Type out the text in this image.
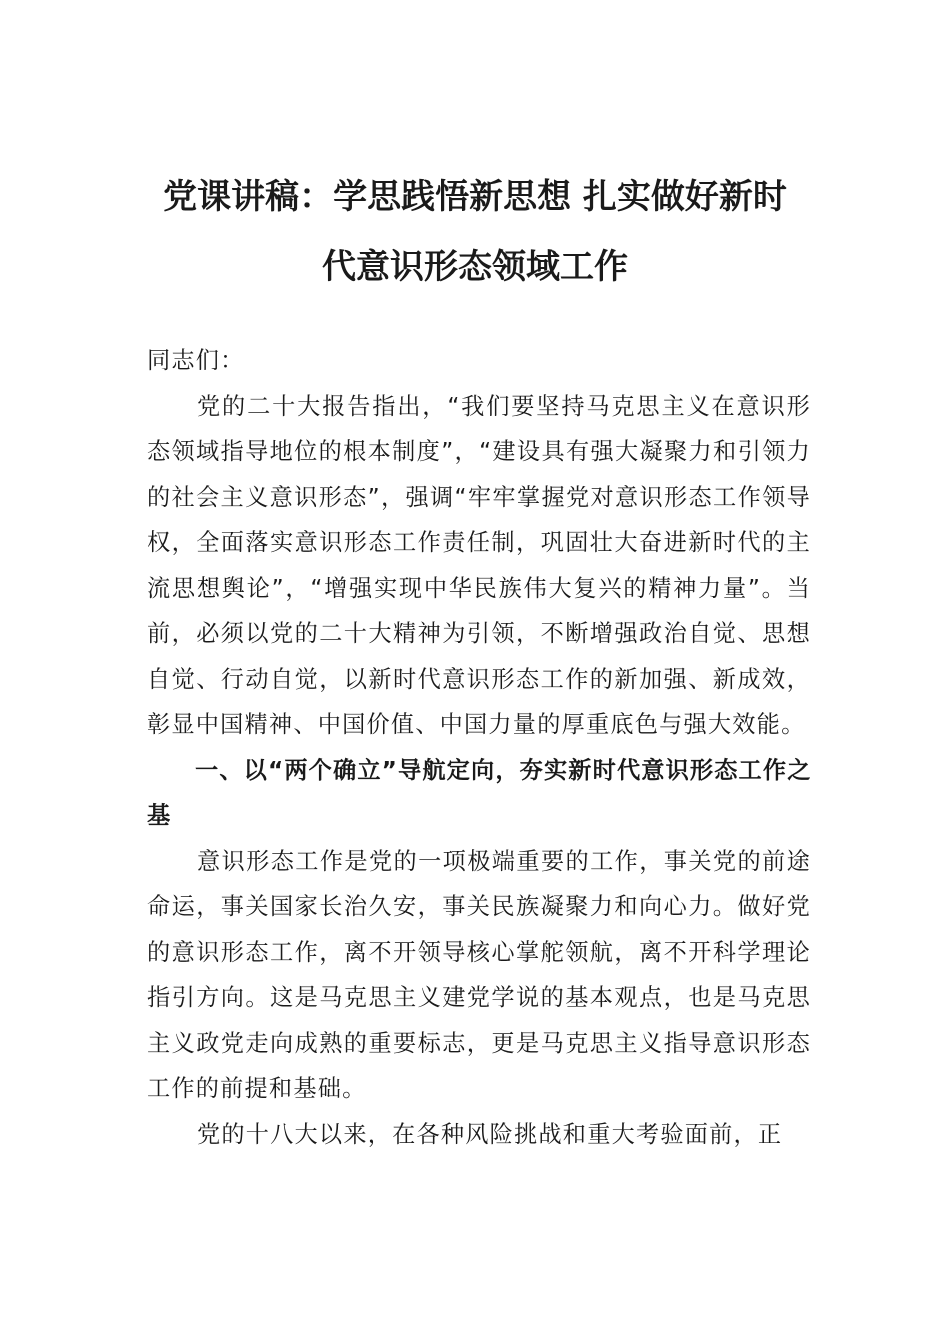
党课讲稿：学思践悟新思想 扎实做好新时
代意识形态领域工作

同志们：

党的二十大报告指出，“我们要坚持马克思主义在意识形态领域指导地位的根本制度”，“建设具有强大凝聚力和引领力的社会主义意识形态”，强调“牢牢掌握党对意识形态工作领导权，全面落实意识形态工作责任制，巩固壮大奋进新时代的主流思想舆论”，“增强实现中华民族伟大复兴的精神力量”。当前，必须以党的二十大精神为引领，不断增强政治自觉、思想自觉、行动自觉，以新时代意识形态工作的新加强、新成效，彰显中国精神、中国价值、中国力量的厚重底色与强大效能。

一、以“两个确立”导航定向，夯实新时代意识形态工作之基

意识形态工作是党的一项极端重要的工作，事关党的前途命运，事关国家长治久安，事关民族凝聚力和向心力。做好党的意识形态工作，离不开领导核心掌舵领航，离不开科学理论指引方向。这是马克思主义建党学说的基本观点，也是马克思主义政党走向成熟的重要标志，更是马克思主义指导意识形态工作的前提和基础。

党的十八大以来，在各种风险挑战和重大考验面前，正
